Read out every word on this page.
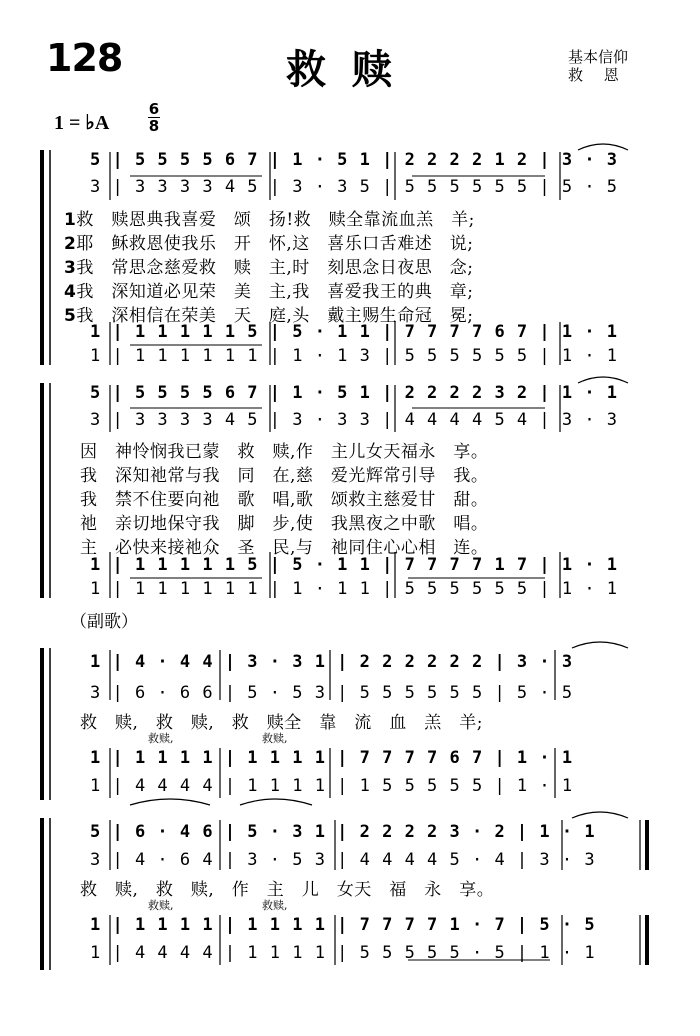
128	救赎	基本信仰
救 恩
1 = ♭A
6
8
5 | 5 5 5 5 6 7 | 1 · 5 1 | 2 2 2 2 1 2 | 3 · 3
3 | 3 3 3 3 4 5 | 3 · 3 5 | 5 5 5 5 5 5 | 5 · 5
1救　赎恩典我喜爱　颂　扬!救　赎全靠流血羔　羊;
2耶　稣救恩使我乐　开　怀,这　喜乐口舌难述　说;
3我　常思念慈爱救　赎　主,时　刻思念日夜思　念;
4我　深知道必见荣　美　主,我　喜爱我王的典　章;
5我　深相信在荣美　天　庭,头　戴主赐生命冠　冕;
1 | 1 1 1 1 1 5 | 5 · 1 1 | 7 7 7 7 6 7 | 1 · 1
1 | 1 1 1 1 1 1 | 1 · 1 3 | 5 5 5 5 5 5 | 1 · 1
5 | 5 5 5 5 6 7 | 1 · 5 1 | 2 2 2 2 3 2 | 1 · 1
3 | 3 3 3 3 4 5 | 3 · 3 3 | 4 4 4 4 5 4 | 3 · 3
因　神怜悯我已蒙　救　赎,作　主儿女天福永　享。
我　深知祂常与我　同　在,慈　爱光辉常引导　我。
我　禁不住要向祂　歌　唱,歌　颂救主慈爱甘　甜。
祂　亲切地保守我　脚　步,使　我黑夜之中歌　唱。
主　必快来接祂众　圣　民,与　祂同住心心相　连。
1 | 1 1 1 1 1 5 | 5 · 1 1 | 7 7 7 7 1 7 | 1 · 1
1 | 1 1 1 1 1 1 | 1 · 1 1 | 5 5 5 5 5 5 | 1 · 1
（副歌）
1 | 4 · 4 4 | 3 · 3 1 | 2 2 2 2 2 2 | 3 · 3
3 | 6 · 6 6 | 5 · 5 3 | 5 5 5 5 5 5 | 5 · 5
救　赎,　救　赎,　救　赎全　靠　流　血　羔　羊;
救赎,	救赎,
1 | 1 1 1 1 | 1 1 1 1 | 7 7 7 7 6 7 | 1 · 1
1 | 4 4 4 4 | 1 1 1 1 | 1 5 5 5 5 5 | 1 · 1
5 | 6 · 4 6 | 5 · 3 1 | 2 2 2 2 3 · 2 | 1 · 1
3 | 4 · 6 4 | 3 · 5 3 | 4 4 4 4 5 · 4 | 3 · 3
救　赎,　救　赎,　作　主　儿　女天　福　永　享。
救赎,	救赎,
1 | 1 1 1 1 | 1 1 1 1 | 7 7 7 7 1 · 7 | 5 · 5
1 | 4 4 4 4 | 1 1 1 1 | 5 5 5 5 5 · 5 | 1 · 1
